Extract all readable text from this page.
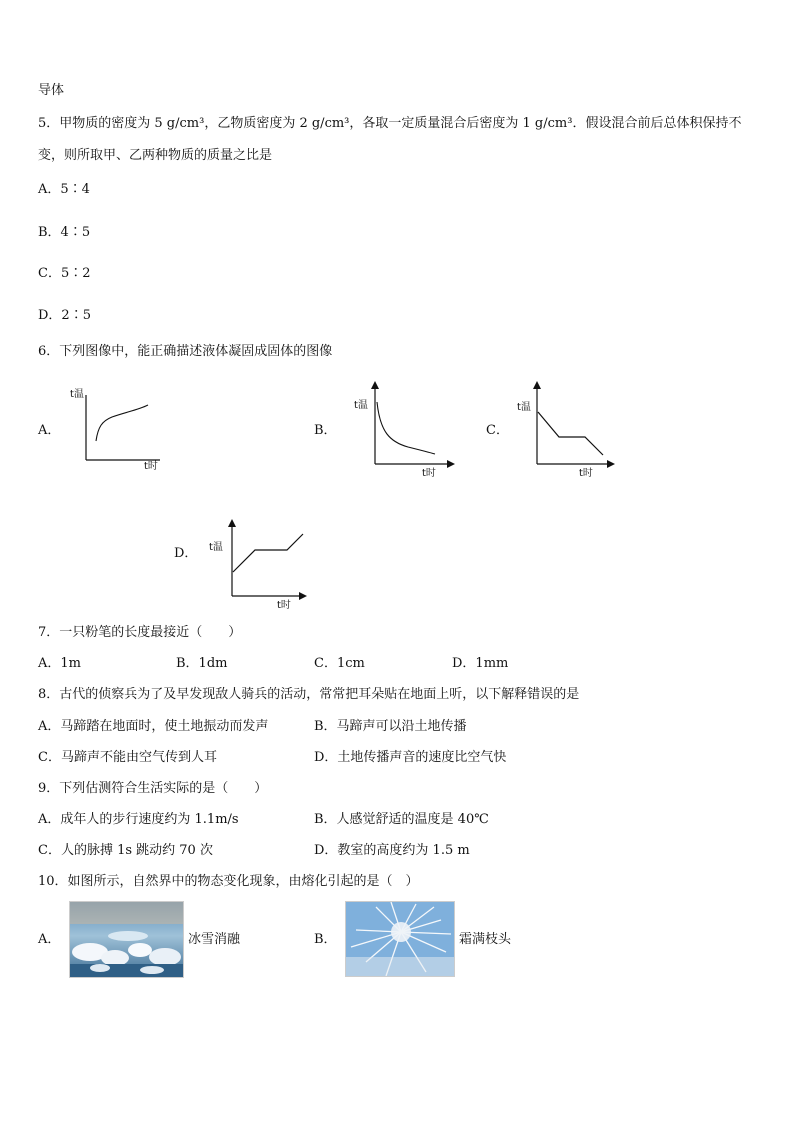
导体
5．甲物质的密度为 5 g/cm³，乙物质密度为 2 g/cm³，各取一定质量混合后密度为 1 g/cm³．假设混合前后总体积保持不
变，则所取甲、乙两种物质的质量之比是
A．5∶4
B．4∶5
C．5∶2
D．2∶5
6．下列图像中，能正确描述液体凝固成固体的图像
A．
t温
t时
B．
t温
t时
C．
t温
t时
D． t温
t时
7．一只粉笔的长度最接近（　　）
A．1m	B．1dm	C．1cm	D．1mm
8．古代的侦察兵为了及早发现敌人骑兵的活动，常常把耳朵贴在地面上听，以下解释错误的是
A．马蹄踏在地面时，使土地振动而发声	B．马蹄声可以沿土地传播
C．马蹄声不能由空气传到人耳	D．土地传播声音的速度比空气快
9．下列估测符合生活实际的是（　　）
A．成年人的步行速度约为 1.1m/s	B．人感觉舒适的温度是 40℃
C．人的脉搏 1s 跳动约 70 次	D．教室的高度约为 1.5 m
10．如图所示，自然界中的物态变化现象，由熔化引起的是（　）
A．	冰雪消融	B．	霜满枝头
